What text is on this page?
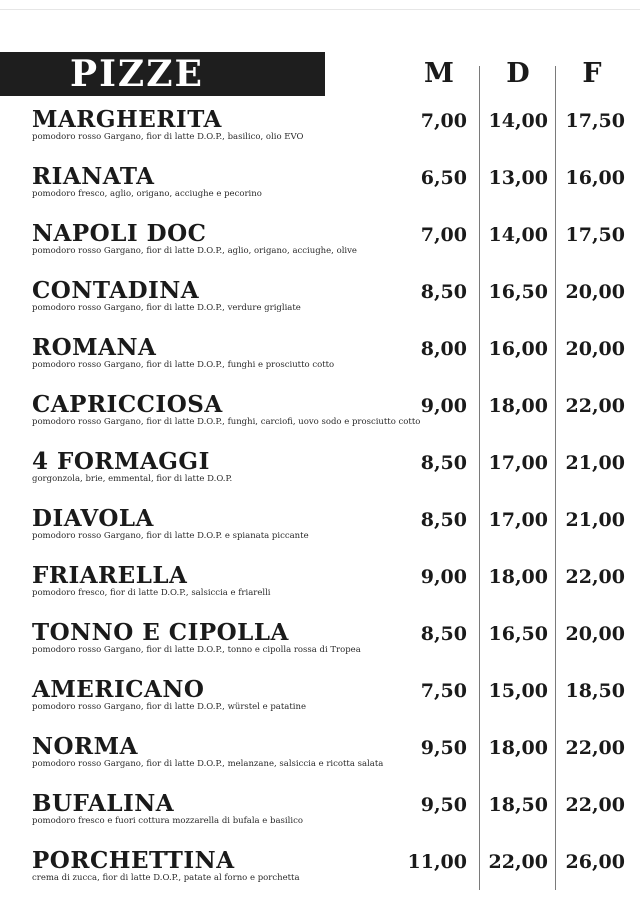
PIZZE	M	D	F
MARGHERITA
pomodoro rosso Gargano, fior di latte D.O.P., basilico, olio EVO
7,00	14,00 17,50
RIANATA
pomodoro fresco, aglio, origano, acciughe e pecorino
6,50	13,00 16,00
NAPOLI DOC
pomodoro rosso Gargano, fior di latte D.O.P., aglio, origano, acciughe, olive
7,00	14,00 17,50
CONTADINA
pomodoro rosso Gargano, fior di latte D.O.P., verdure grigliate
8,50	16,50 20,00
ROMANA
pomodoro rosso Gargano, fior di latte D.O.P., funghi e prosciutto cotto
8,00	16,00 20,00
CAPRICCIOSA
pomodoro rosso Gargano, fior di latte D.O.P., funghi, carciofi, uovo sodo e prosciutto cotto
9,00	18,00 22,00
4 FORMAGGI
gorgonzola, brie, emmental, fior di latte D.O.P.
8,50	17,00 21,00
DIAVOLA
pomodoro rosso Gargano, fior di latte D.O.P. e spianata piccante
8,50	17,00 21,00
FRIARELLA
pomodoro fresco, fior di latte D.O.P., salsiccia e friarelli
9,00	18,00 22,00
TONNO E CIPOLLA
pomodoro rosso Gargano, fior di latte D.O.P., tonno e cipolla rossa di Tropea
8,50	16,50 20,00
AMERICANO
pomodoro rosso Gargano, fior di latte D.O.P., würstel e patatine
7,50	15,00 18,50
NORMA
pomodoro rosso Gargano, fior di latte D.O.P., melanzane, salsiccia e ricotta salata
9,50	18,00 22,00
BUFALINA
pomodoro fresco e fuori cottura mozzarella di bufala e basilico
9,50	18,50 22,00
PORCHETTINA
crema di zucca, fior di latte D.O.P., patate al forno e porchetta
11,00	22,00 26,00
